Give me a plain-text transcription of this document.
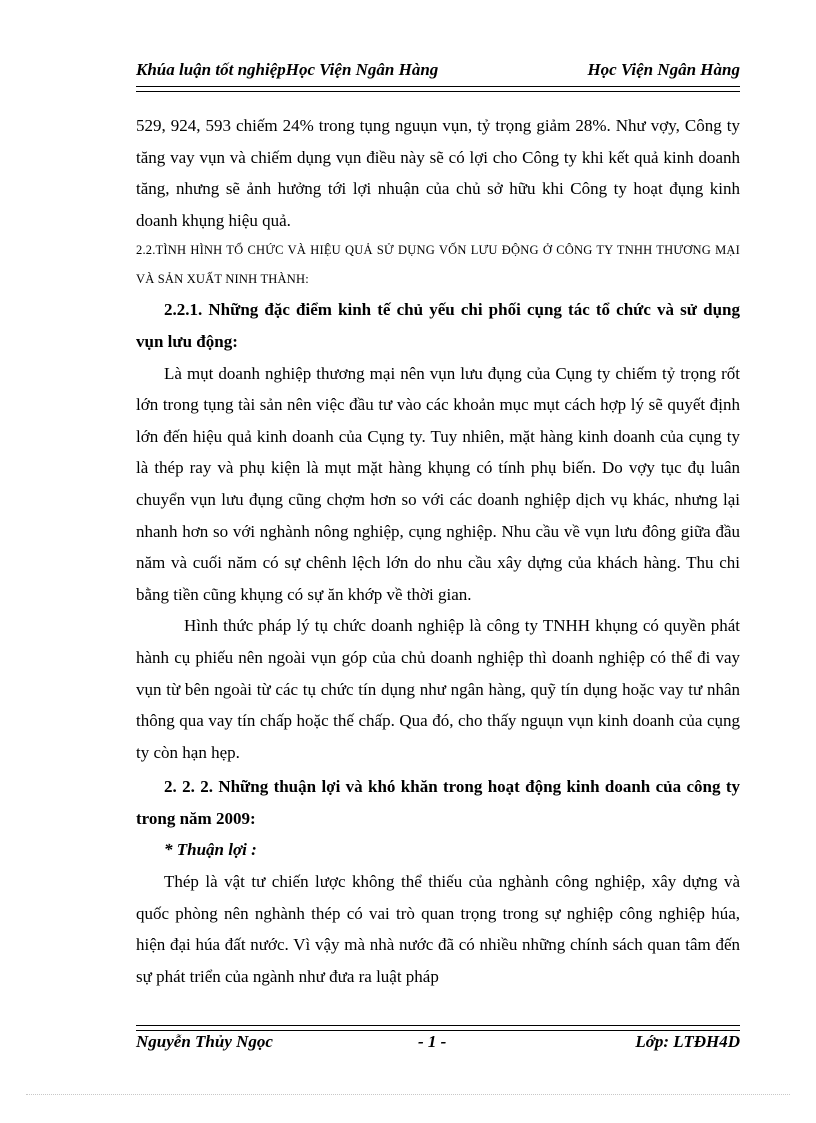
Khúa luận tốt nghiệpHọc Viện Ngân Hàng	Học Viện Ngân Hàng

529, 924, 593 chiếm 24% trong tụng nguụn vụn, tỷ trọng giảm 28%. Như vợy, Công ty tăng vay vụn và chiếm dụng vụn điều này sẽ có lợi cho Công ty khi kết quả kinh doanh tăng, nhưng sẽ ảnh hưởng tới lợi nhuận của chủ sở hữu khi Công ty hoạt đụng kinh doanh khụng hiệu quả.

2.2.TÌNH HÌNH TỔ CHỨC VÀ HIỆU QUẢ SỬ DỤNG VỐN LƯU ĐỘNG Ở CÔNG TY TNHH THƯƠNG MẠI VÀ SẢN XUẤT NINH THÀNH:

2.2.1. Những đặc điểm kinh tế chủ yếu chi phối cụng tác tổ chức và sử dụng vụn lưu động:

Là mụt doanh nghiệp thương mại nên vụn lưu đụng của Cụng ty chiếm tỷ trọng rốt lớn trong tụng tài sản nên việc đầu tư vào các khoản mục mụt cách hợp lý sẽ quyết định lớn đến hiệu quả kinh doanh của Cụng ty. Tuy nhiên, mặt hàng kinh doanh của cụng ty là thép ray và phụ kiện là mụt mặt hàng khụng có tính phụ biến. Do vợy tục đụ luân chuyển vụn lưu đụng cũng chợm hơn so với các doanh nghiệp dịch vụ khác, nhưng lại nhanh hơn so với nghành nông nghiệp, cụng nghiệp. Nhu cầu về vụn lưu đông giữa đầu năm và cuối năm có sự chênh lệch lớn do nhu cầu xây dựng của khách hàng. Thu chi bằng tiền cũng khụng có sự ăn khớp về thời gian.

Hình thức pháp lý tụ chức doanh nghiệp là công ty TNHH khụng có quyền phát hành cụ phiếu nên ngoài vụn góp của chủ doanh nghiệp thì doanh nghiệp có thể đi vay vụn từ bên ngoài từ các tụ chức tín dụng như ngân hàng, quỹ tín dụng hoặc vay tư nhân thông qua vay tín chấp hoặc thế chấp. Qua đó, cho thấy nguụn vụn kinh doanh của cụng ty còn hạn hẹp.

2. 2. 2. Những thuận lợi và khó khăn trong hoạt động kinh doanh của công ty trong năm 2009:

* Thuận lợi :

Thép là vật tư chiến lược không thể thiếu của nghành công nghiệp, xây dựng và quốc phòng nên nghành thép có vai trò quan trọng trong sự nghiệp công nghiệp húa, hiện đại húa đất nước. Vì vậy mà nhà nước đã có nhiều những chính sách quan tâm đến sự phát triển của ngành như đưa ra luật pháp

Nguyễn Thủy Ngọc	- 1 -	Lớp: LTĐH4D
